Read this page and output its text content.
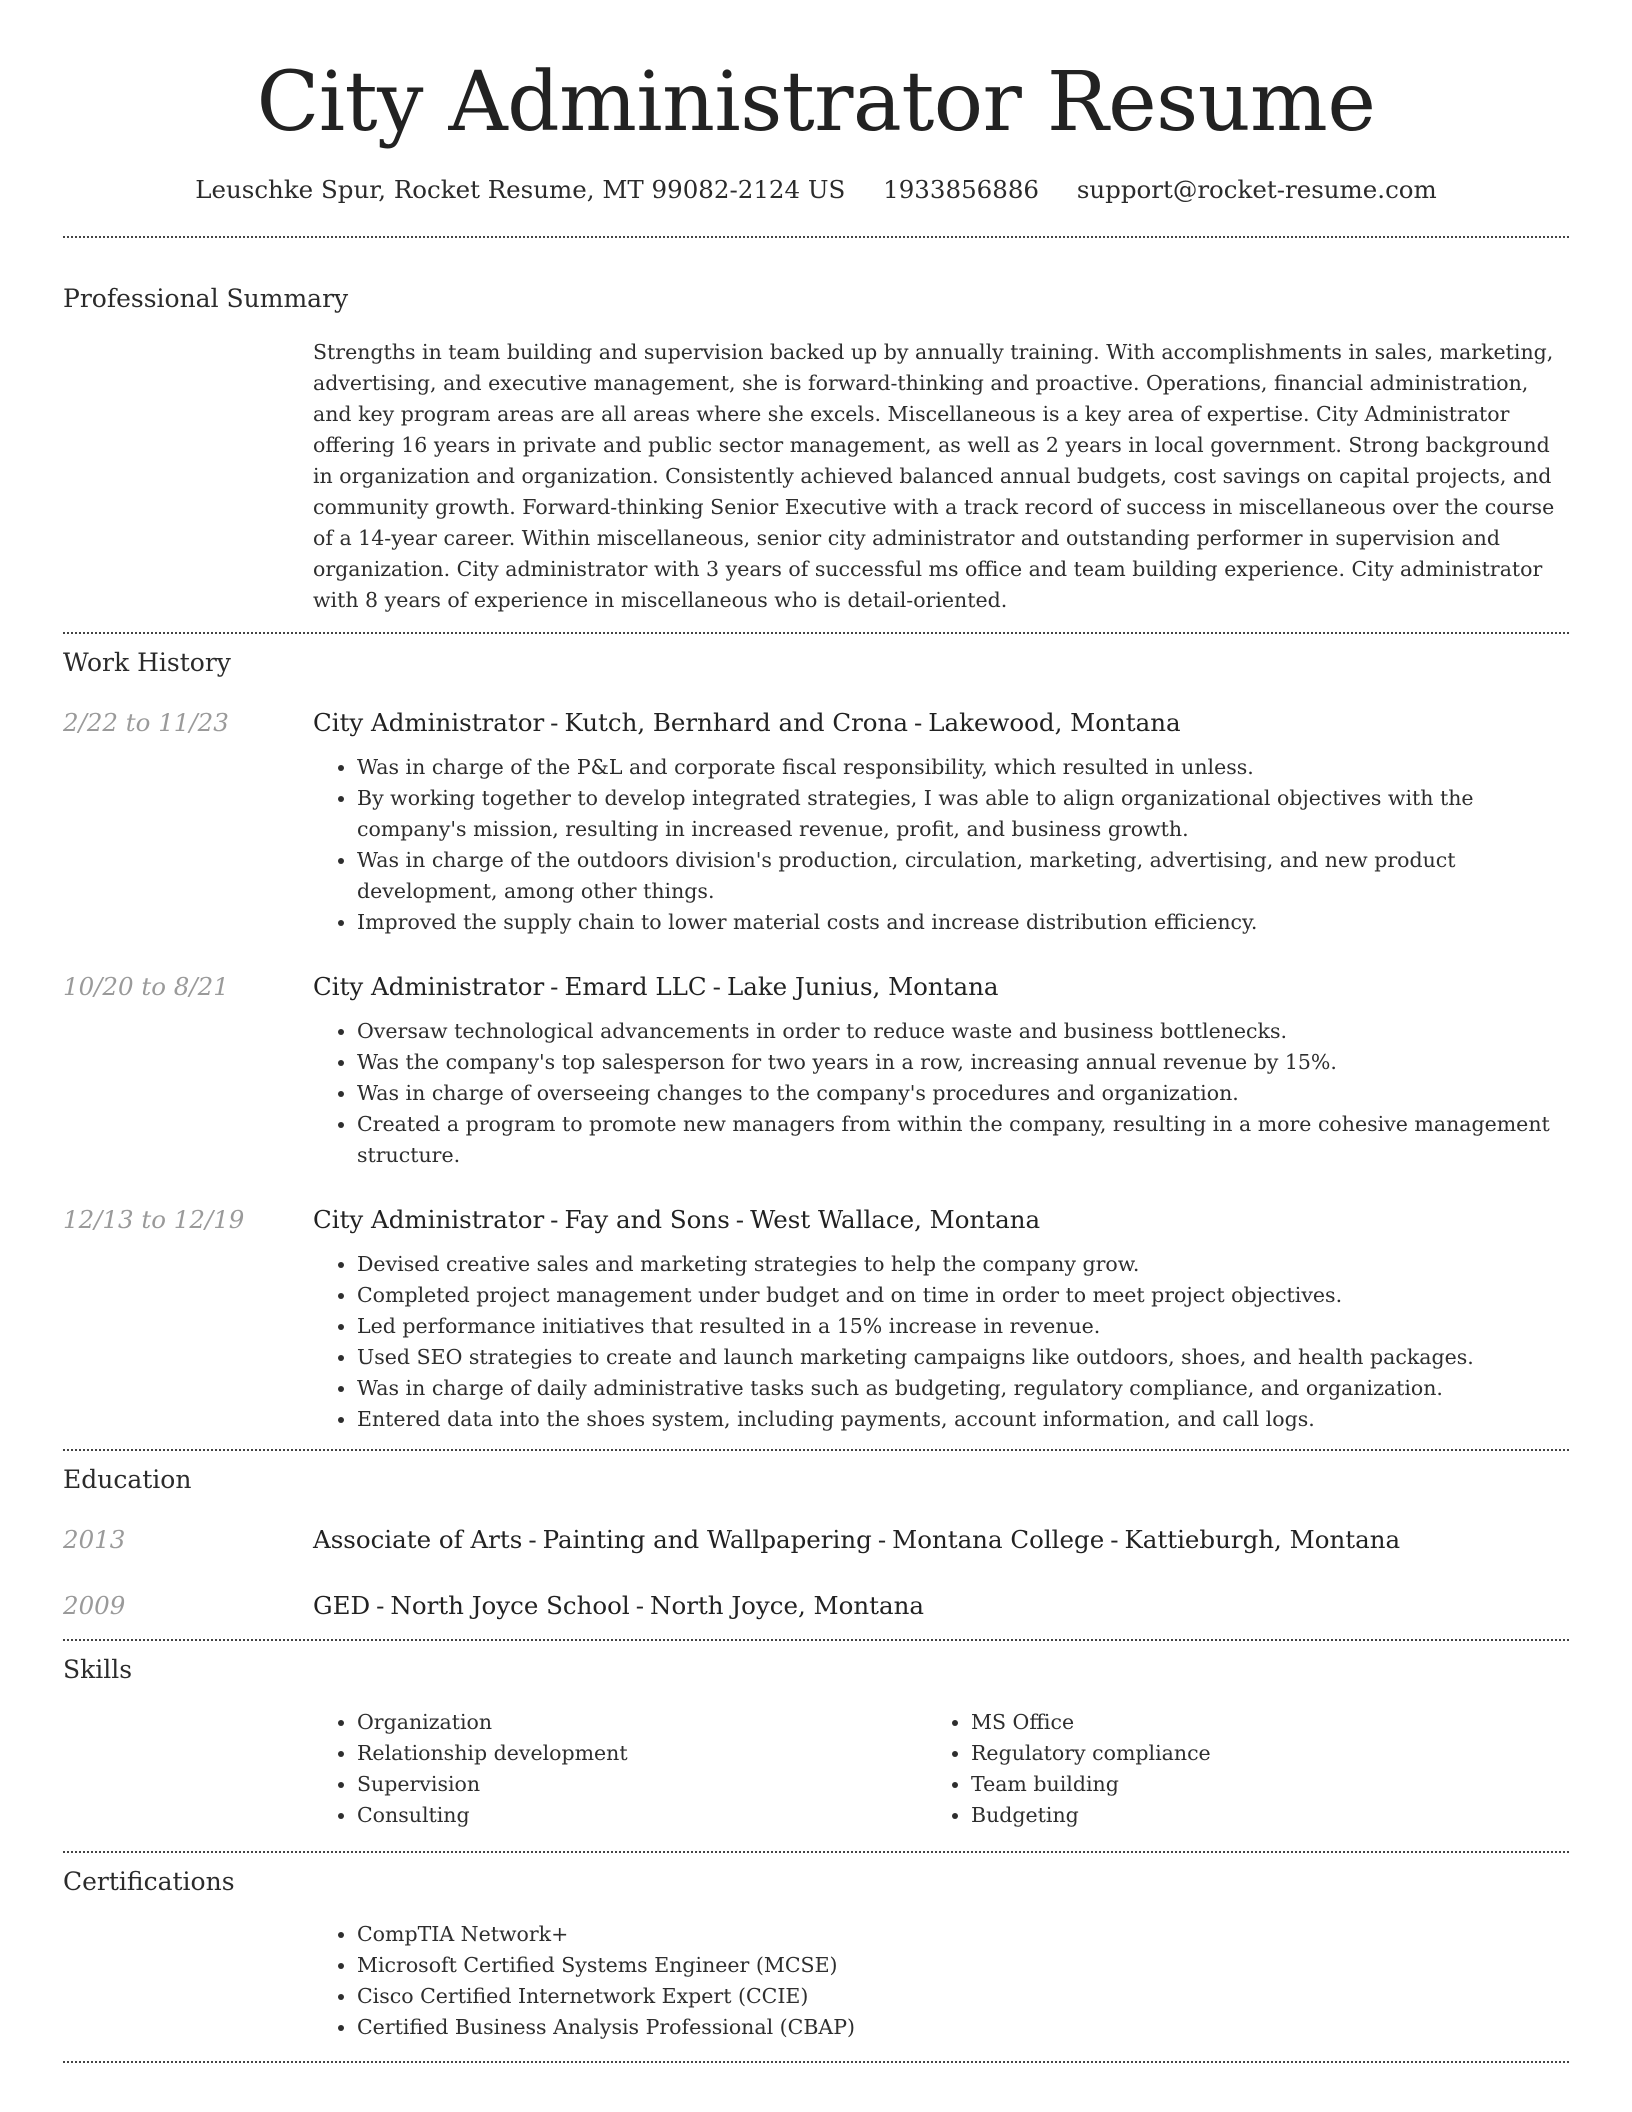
City Administrator Resume
Leuschke Spur, Rocket Resume, MT 99082-2124 US 1933856886 support@rocket-resume.com
Professional Summary
Strengths in team building and supervision backed up by annually training. With accomplishments in sales, marketing, advertising, and executive management, she is forward-thinking and proactive. Operations, financial administration, and key program areas are all areas where she excels. Miscellaneous is a key area of expertise. City Administrator offering 16 years in private and public sector management, as well as 2 years in local government. Strong background in organization and organization. Consistently achieved balanced annual budgets, cost savings on capital projects, and community growth. Forward-thinking Senior Executive with a track record of success in miscellaneous over the course of a 14-year career. Within miscellaneous, senior city administrator and outstanding performer in supervision and organization. City administrator with 3 years of successful ms office and team building experience. City administrator with 8 years of experience in miscellaneous who is detail-oriented.
Work History
2/22 to 11/23	City Administrator - Kutch, Bernhard and Crona - Lakewood, Montana
• Was in charge of the P&L and corporate fiscal responsibility, which resulted in unless.
• By working together to develop integrated strategies, I was able to align organizational objectives with the company's mission, resulting in increased revenue, profit, and business growth.
• Was in charge of the outdoors division's production, circulation, marketing, advertising, and new product development, among other things.
• Improved the supply chain to lower material costs and increase distribution efficiency.
10/20 to 8/21	City Administrator - Emard LLC - Lake Junius, Montana
• Oversaw technological advancements in order to reduce waste and business bottlenecks.
• Was the company's top salesperson for two years in a row, increasing annual revenue by 15%.
• Was in charge of overseeing changes to the company's procedures and organization.
• Created a program to promote new managers from within the company, resulting in a more cohesive management structure.
12/13 to 12/19	City Administrator - Fay and Sons - West Wallace, Montana
• Devised creative sales and marketing strategies to help the company grow.
• Completed project management under budget and on time in order to meet project objectives.
• Led performance initiatives that resulted in a 15% increase in revenue.
• Used SEO strategies to create and launch marketing campaigns like outdoors, shoes, and health packages.
• Was in charge of daily administrative tasks such as budgeting, regulatory compliance, and organization.
• Entered data into the shoes system, including payments, account information, and call logs.
Education
2013	Associate of Arts - Painting and Wallpapering - Montana College - Kattieburgh, Montana
2009	GED - North Joyce School - North Joyce, Montana
Skills
• Organization
• Relationship development
• Supervision
• Consulting
• MS Office
• Regulatory compliance
• Team building
• Budgeting
Certifications
• CompTIA Network+
• Microsoft Certified Systems Engineer (MCSE)
• Cisco Certified Internetwork Expert (CCIE)
• Certified Business Analysis Professional (CBAP)
